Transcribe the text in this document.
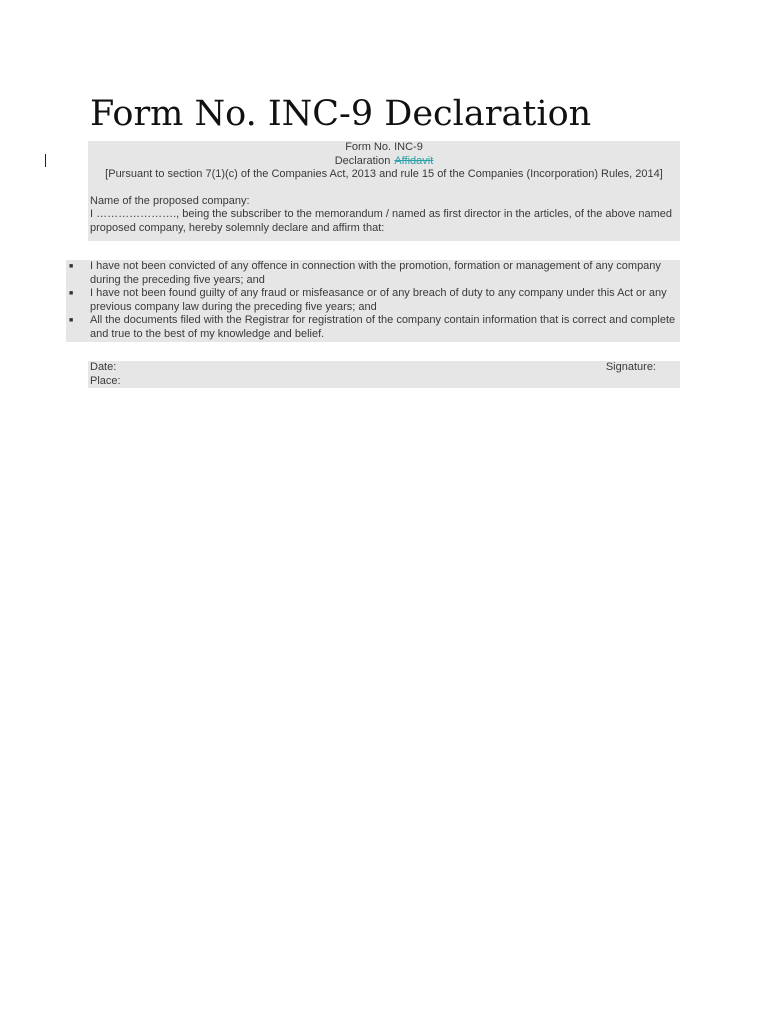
Form No. INC-9 Declaration
Form No. INC-9
Declaration Affidavit
[Pursuant to section 7(1)(c) of the Companies Act, 2013 and rule 15 of the Companies (Incorporation) Rules, 2014]
Name of the proposed company:
I …………………., being the subscriber to the memorandum / named as first director in the articles, of the above named proposed company, hereby solemnly declare and affirm that:
■ I have not been convicted of any offence in connection with the promotion, formation or management of any company during the preceding five years; and
■ I have not been found guilty of any fraud or misfeasance or of any breach of duty to any company under this Act or any previous company law during the preceding five years; and
■ All the documents filed with the Registrar for registration of the company contain information that is correct and complete and true to the best of my knowledge and belief.
Date:	Signature:
Place:
